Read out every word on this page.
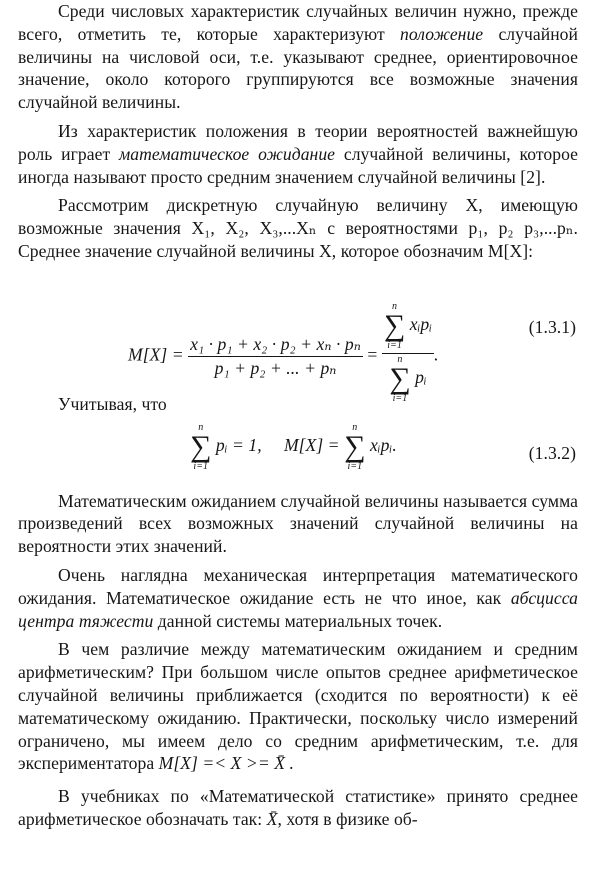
Среди числовых характеристик случайных величин нужно, прежде всего, отметить те, которые характеризуют положение случайной величины на числовой оси, т.е. указывают среднее, ориентировочное значение, около которого группируются все возможные значения случайной величины.

Из характеристик положения в теории вероятностей важнейшую роль играет математическое ожидание случайной величины, которое иногда называют просто средним значением случайной величины [2].

Рассмотрим дискретную случайную величину X, имеющую возможные значения X₁, X₂, X₃,...Xₙ с вероятностями p₁, p₂ p₃,...pₙ. Среднее значение случайной величины X, которое обозначим M[X]:

$M[X] = \frac{\text{x₁ · p₁ + x₂ · p₂ + xₙ · pₙ}}{\text{p₁ + p₂ + ... + pₙ}} = n$
∑
i=1
xᵢpᵢ
n
∑
i=1
pᵢ .
(1.3.1)

Учитывая, что

n
∑
i=1
pᵢ = 1, M[X] =
n
∑
i=1
xᵢpᵢ.	(1.3.2)

Математическим ожиданием случайной величины называется сумма произведений всех возможных значений случайной величины на вероятности этих значений.

Очень наглядна механическая интерпретация математического ожидания. Математическое ожидание есть не что иное, как абсцисса центра тяжести данной системы материальных точек.

В чем различие между математическим ожиданием и средним арифметическим? При большом числе опытов среднее арифметическое случайной величины приближается (сходится по вероятности) к её математическому ожиданию. Практически, поскольку число измерений ограничено, мы имеем дело со средним арифметическим, т.е. для экспериментатора M[X] =< X >= X̄ .

В учебниках по «Математической статистике» принято среднее арифметическое обозначать так: X̄, хотя в физике об-
